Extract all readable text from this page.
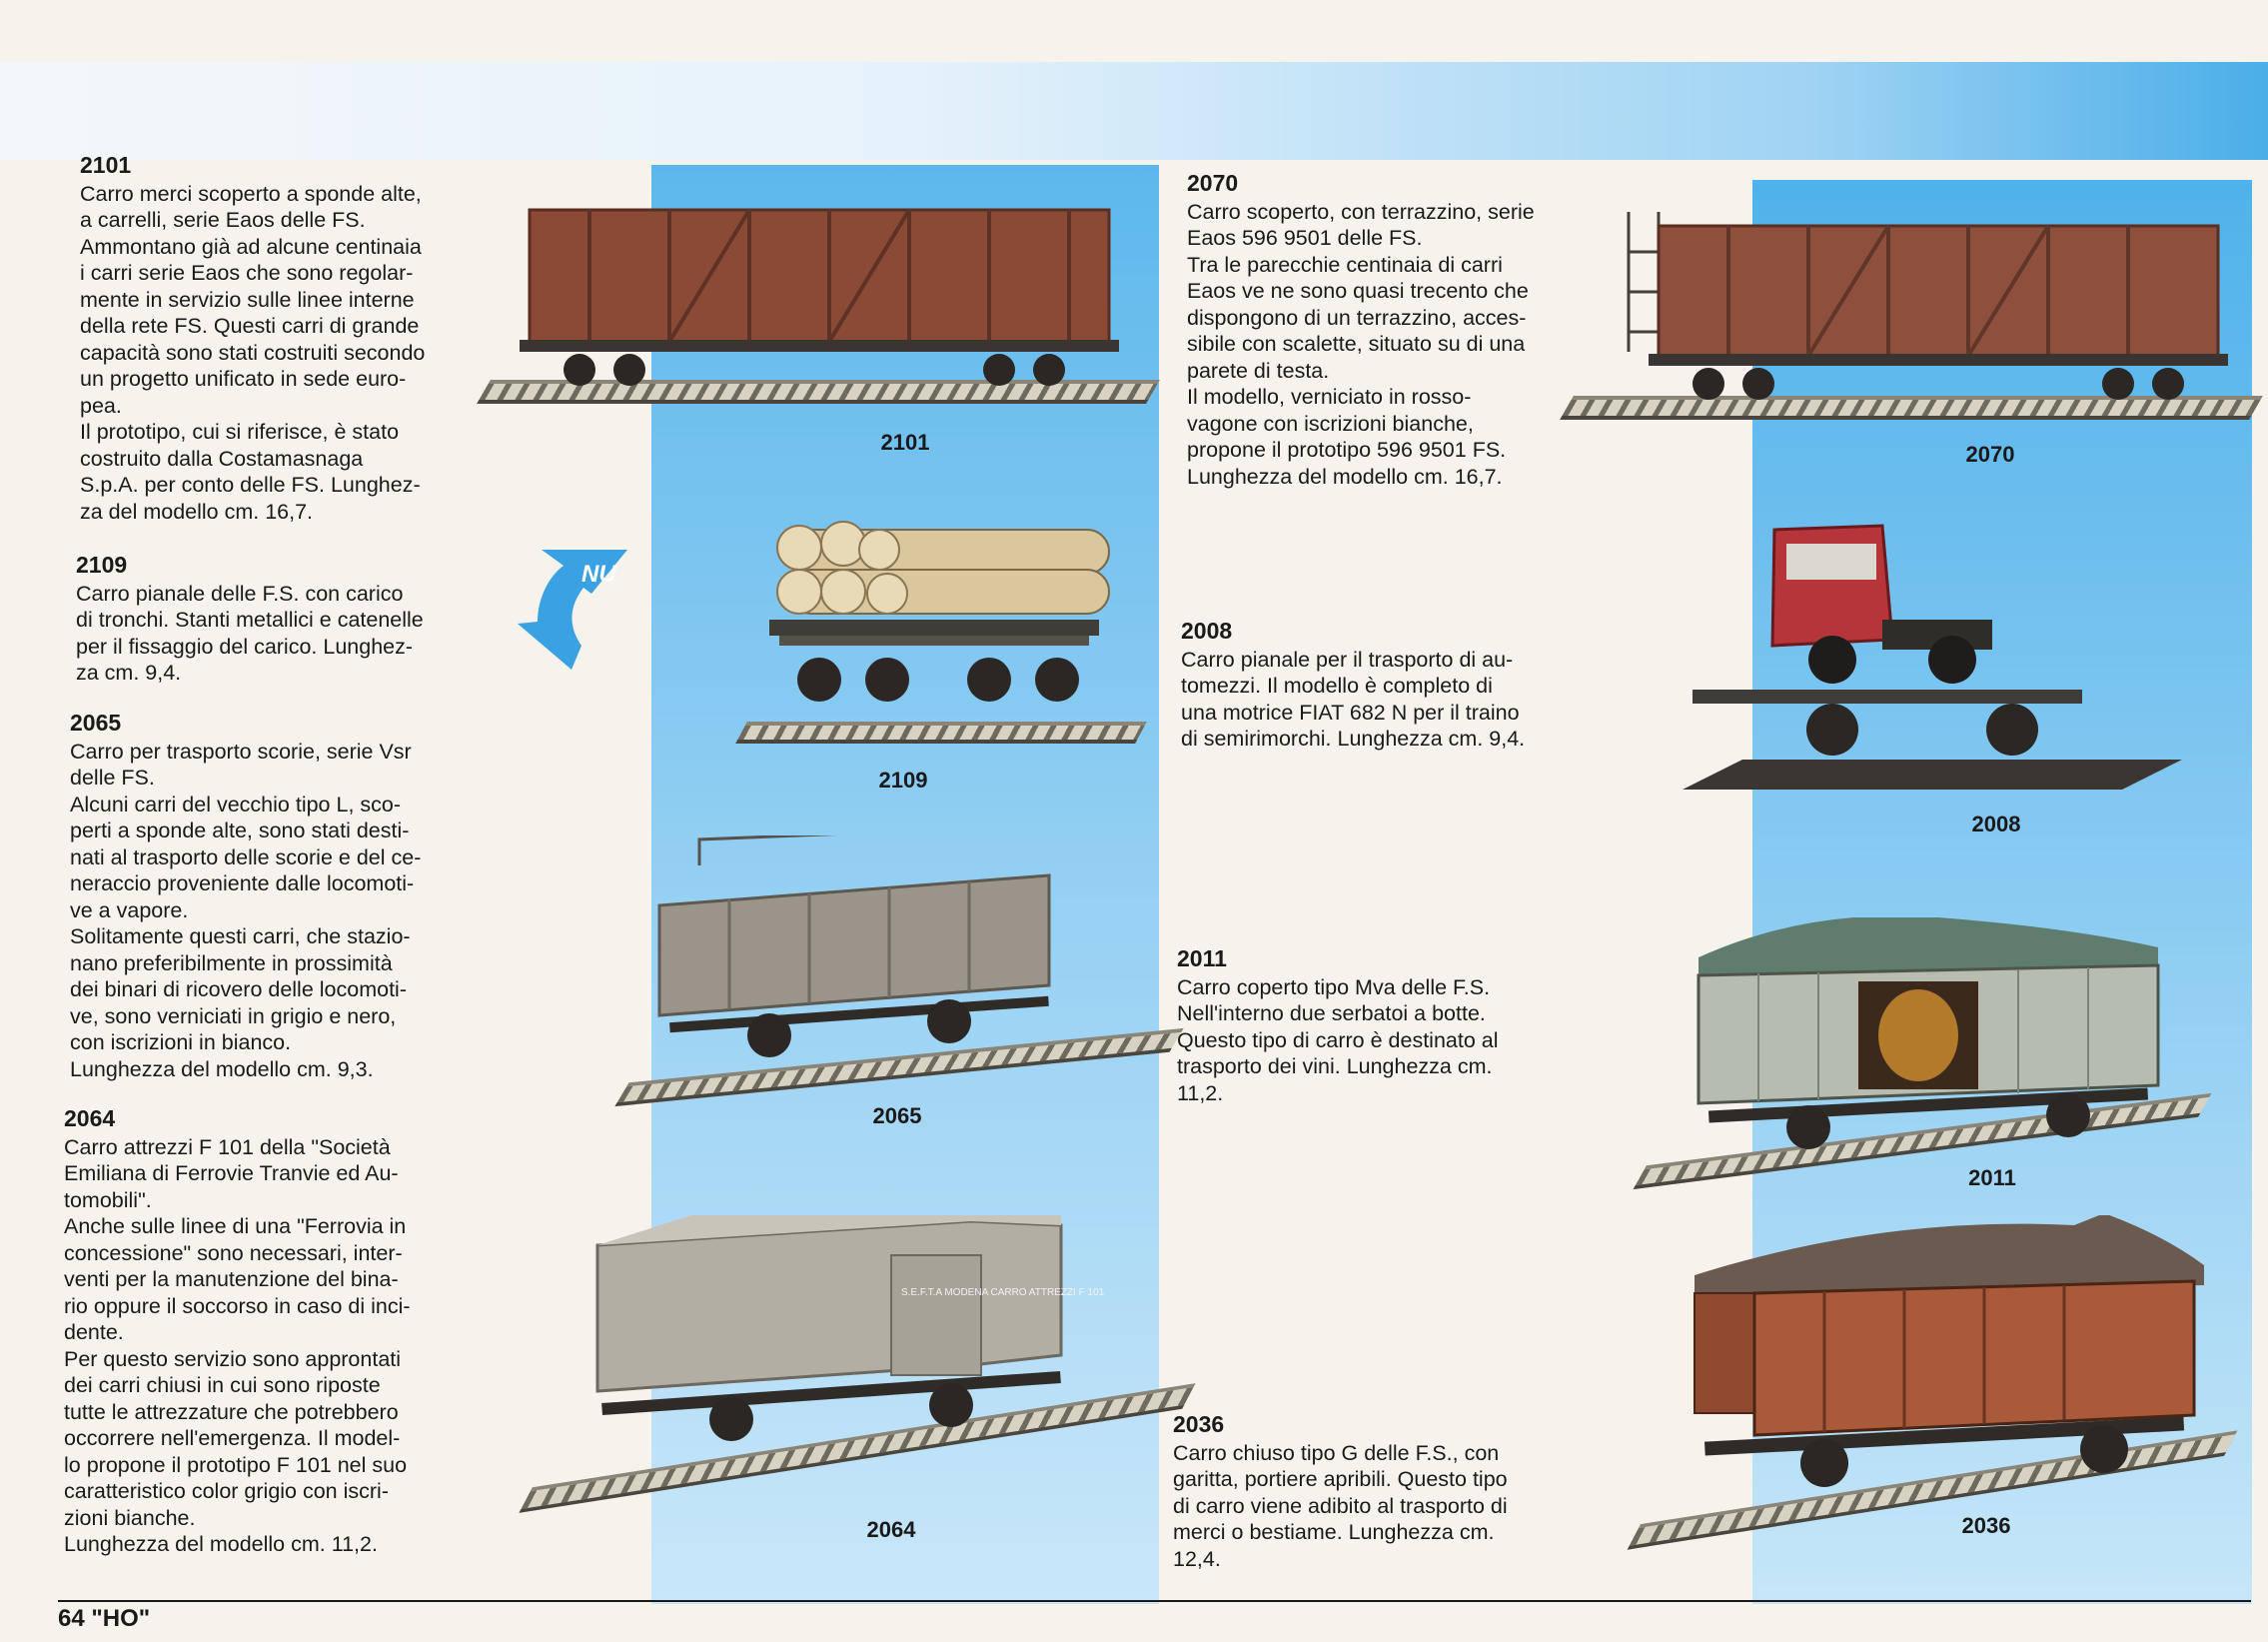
2101
Carro merci scoperto a sponde alte,
a carrelli, serie Eaos delle FS.
Ammontano già ad alcune centinaia
i carri serie Eaos che sono regolar-
mente in servizio sulle linee interne
della rete FS. Questi carri di grande
capacità sono stati costruiti secondo
un progetto unificato in sede euro-
pea.
Il prototipo, cui si riferisce, è stato
costruito dalla Costamasnaga
S.p.A. per conto delle FS. Lunghez-
za del modello cm. 16,7.
2109
Carro pianale delle F.S. con carico
di tronchi. Stanti metallici e catenelle
per il fissaggio del carico. Lunghez-
za cm. 9,4.
2065
Carro per trasporto scorie, serie Vsr
delle FS.
Alcuni carri del vecchio tipo L, sco-
perti a sponde alte, sono stati desti-
nati al trasporto delle scorie e del ce-
neraccio proveniente dalle locomoti-
ve a vapore.
Solitamente questi carri, che stazio-
nano preferibilmente in prossimità
dei binari di ricovero delle locomoti-
ve, sono verniciati in grigio e nero,
con iscrizioni in bianco.
Lunghezza del modello cm. 9,3.
2064
Carro attrezzi F 101 della "Società
Emiliana di Ferrovie Tranvie ed Au-
tomobili".
Anche sulle linee di una "Ferrovia in
concessione" sono necessari, inter-
venti per la manutenzione del bina-
rio oppure il soccorso in caso di inci-
dente.
Per questo servizio sono approntati
dei carri chiusi in cui sono riposte
tutte le attrezzature che potrebbero
occorrere nell'emergenza. Il model-
lo propone il prototipo F 101 nel suo
caratteristico color grigio con iscri-
zioni bianche.
Lunghezza del modello cm. 11,2.
2070
Carro scoperto, con terrazzino, serie
Eaos 596 9501 delle FS.
Tra le parecchie centinaia di carri
Eaos ve ne sono quasi trecento che
dispongono di un terrazzino, acces-
sibile con scalette, situato su di una
parete di testa.
Il modello, verniciato in rosso-
vagone con iscrizioni bianche,
propone il prototipo 596 9501 FS.
Lunghezza del modello cm. 16,7.
2008
Carro pianale per il trasporto di au-
tomezzi. Il modello è completo di
una motrice FIAT 682 N per il traino
di semirimorchi. Lunghezza cm. 9,4.
2011
Carro coperto tipo Mva delle F.S.
Nell'interno due serbatoi a botte.
Questo tipo di carro è destinato al
trasporto dei vini. Lunghezza cm.
11,2.
2036
Carro chiuso tipo G delle F.S., con
garitta, portiere apribili. Questo tipo
di carro viene adibito al trasporto di
merci o bestiame. Lunghezza cm.
12,4.
NU
2101
2109
2065
S.E.F.T.A MODENA CARRO ATTREZZI F 101
2064
2070
2008
2011
2036
64 "HO"
